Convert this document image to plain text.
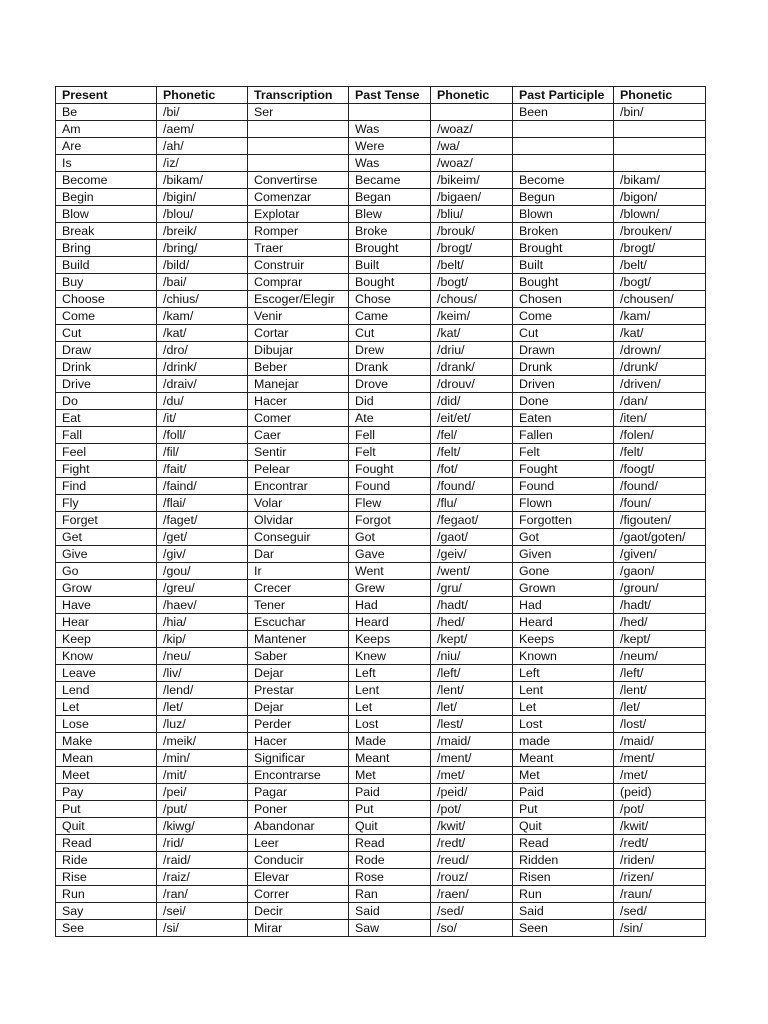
Present	Phonetic	Transcription	Past Tense	Phonetic	Past Participle	Phonetic
Be	/bi/	Ser			Been	/bin/
Am	/aem/		Was	/woaz/		
Are	/ah/		Were	/wa/		
Is	/iz/		Was	/woaz/		
Become	/bikam/	Convertirse	Became	/bikeim/	Become	/bikam/
Begin	/bigin/	Comenzar	Began	/bigaen/	Begun	/bigon/
Blow	/blou/	Explotar	Blew	/bliu/	Blown	/blown/
Break	/breik/	Romper	Broke	/brouk/	Broken	/brouken/
Bring	/bring/	Traer	Brought	/brogt/	Brought	/brogt/
Build	/bild/	Construir	Built	/belt/	Built	/belt/
Buy	/bai/	Comprar	Bought	/bogt/	Bought	/bogt/
Choose	/chius/	Escoger/Elegir	Chose	/chous/	Chosen	/chousen/
Come	/kam/	Venir	Came	/keim/	Come	/kam/
Cut	/kat/	Cortar	Cut	/kat/	Cut	/kat/
Draw	/dro/	Dibujar	Drew	/driu/	Drawn	/drown/
Drink	/drink/	Beber	Drank	/drank/	Drunk	/drunk/
Drive	/draiv/	Manejar	Drove	/drouv/	Driven	/driven/
Do	/du/	Hacer	Did	/did/	Done	/dan/
Eat	/it/	Comer	Ate	/eit/et/	Eaten	/iten/
Fall	/foll/	Caer	Fell	/fel/	Fallen	/folen/
Feel	/fil/	Sentir	Felt	/felt/	Felt	/felt/
Fight	/fait/	Pelear	Fought	/fot/	Fought	/foogt/
Find	/faind/	Encontrar	Found	/found/	Found	/found/
Fly	/flai/	Volar	Flew	/flu/	Flown	/foun/
Forget	/faget/	Olvidar	Forgot	/fegaot/	Forgotten	/figouten/
Get	/get/	Conseguir	Got	/gaot/	Got	/gaot/goten/
Give	/giv/	Dar	Gave	/geiv/	Given	/given/
Go	/gou/	Ir	Went	/went/	Gone	/gaon/
Grow	/greu/	Crecer	Grew	/gru/	Grown	/groun/
Have	/haev/	Tener	Had	/hadt/	Had	/hadt/
Hear	/hia/	Escuchar	Heard	/hed/	Heard	/hed/
Keep	/kip/	Mantener	Keeps	/kept/	Keeps	/kept/
Know	/neu/	Saber	Knew	/niu/	Known	/neum/
Leave	/liv/	Dejar	Left	/left/	Left	/left/
Lend	/lend/	Prestar	Lent	/lent/	Lent	/lent/
Let	/let/	Dejar	Let	/let/	Let	/let/
Lose	/luz/	Perder	Lost	/lest/	Lost	/lost/
Make	/meik/	Hacer	Made	/maid/	made	/maid/
Mean	/min/	Significar	Meant	/ment/	Meant	/ment/
Meet	/mit/	Encontrarse	Met	/met/	Met	/met/
Pay	/pei/	Pagar	Paid	/peid/	Paid	(peid)
Put	/put/	Poner	Put	/pot/	Put	/pot/
Quit	/kiwg/	Abandonar	Quit	/kwit/	Quit	/kwit/
Read	/rid/	Leer	Read	/redt/	Read	/redt/
Ride	/raid/	Conducir	Rode	/reud/	Ridden	/riden/
Rise	/raiz/	Elevar	Rose	/rouz/	Risen	/rizen/
Run	/ran/	Correr	Ran	/raen/	Run	/raun/
Say	/sei/	Decir	Said	/sed/	Said	/sed/
See	/si/	Mirar	Saw	/so/	Seen	/sin/
